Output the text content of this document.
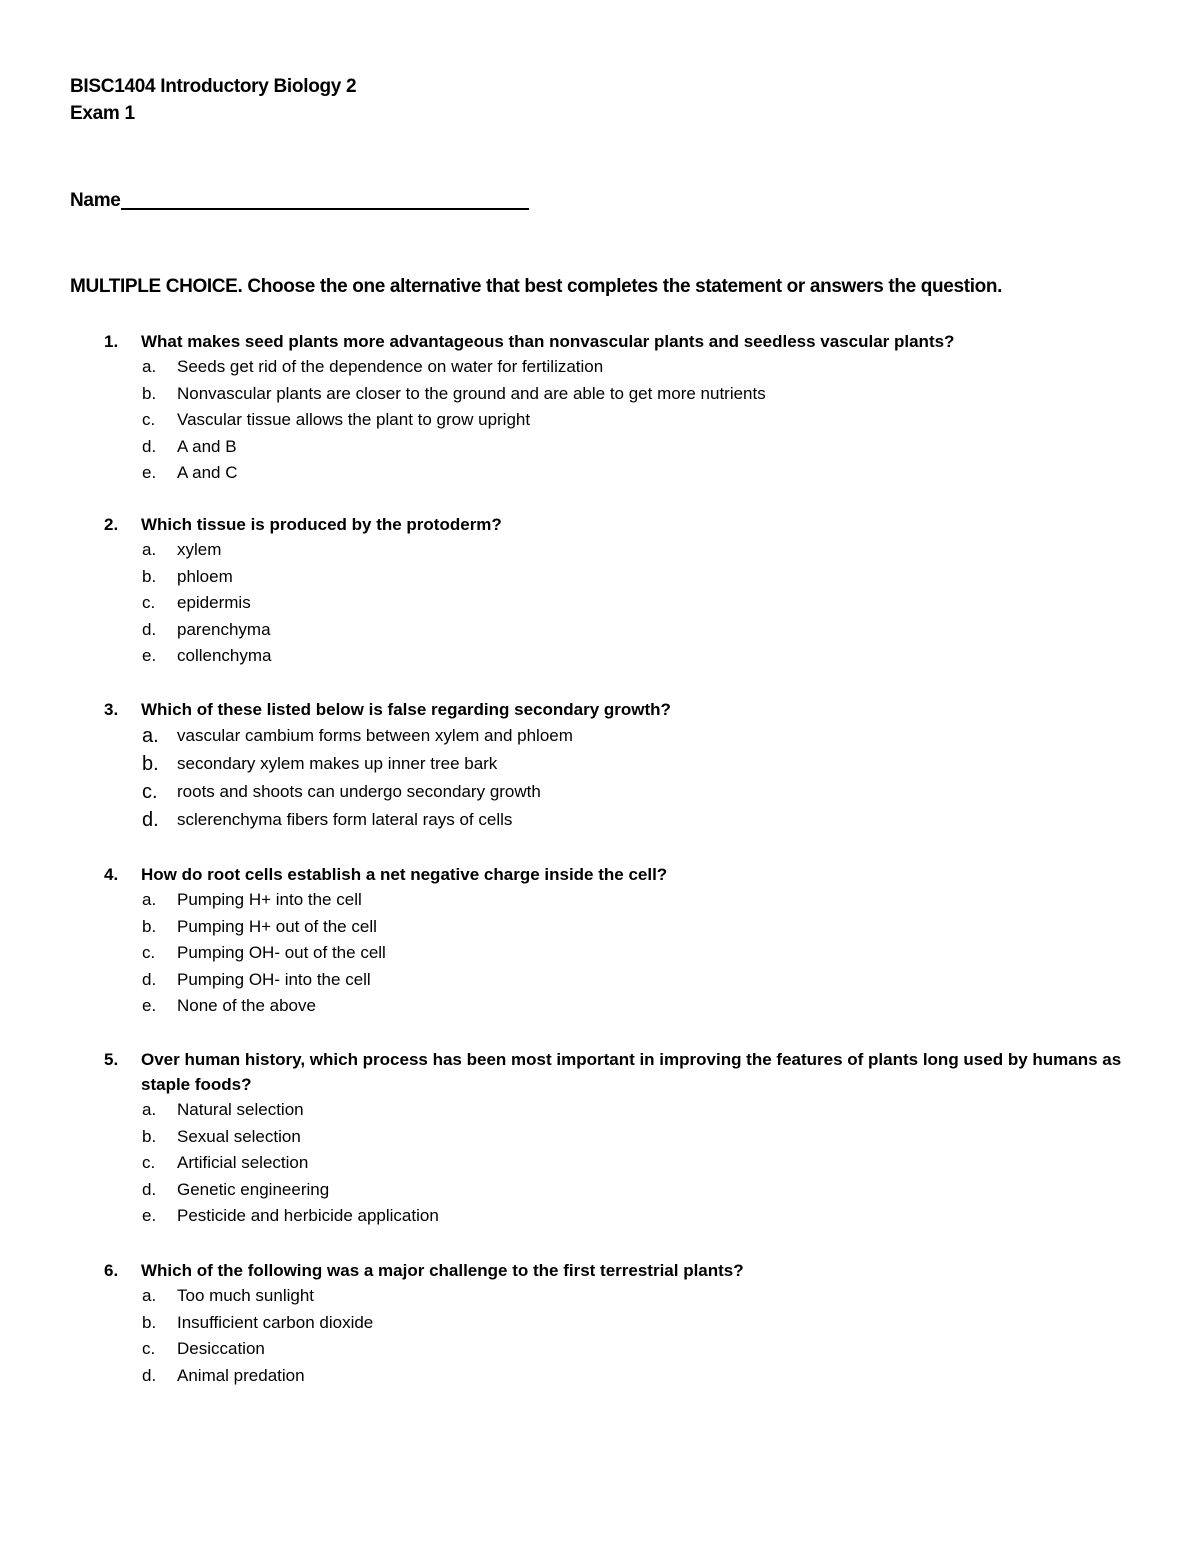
BISC1404 Introductory Biology 2
Exam 1
Name
MULTIPLE CHOICE. Choose the one alternative that best completes the statement or answers the question.
1.	What makes seed plants more advantageous than nonvascular plants and seedless vascular plants?
a.	Seeds get rid of the dependence on water for fertilization
b.	Nonvascular plants are closer to the ground and are able to get more nutrients
c.	Vascular tissue allows the plant to grow upright
d.	A and B
e.	A and C
2.	Which tissue is produced by the protoderm?
a.	xylem
b.	phloem
c.	epidermis
d.	parenchyma
e.	collenchyma
3.	Which of these listed below is false regarding secondary growth?
a.	vascular cambium forms between xylem and phloem
b.	secondary xylem makes up inner tree bark
c.	roots and shoots can undergo secondary growth
d.	sclerenchyma fibers form lateral rays of cells
4.	How do root cells establish a net negative charge inside the cell?
a.	Pumping H+ into the cell
b.	Pumping H+ out of the cell
c.	Pumping OH- out of the cell
d.	Pumping OH- into the cell
e.	None of the above
5.	Over human history, which process has been most important in improving the features of plants long used by humans as staple foods?
a.	Natural selection
b.	Sexual selection
c.	Artificial selection
d.	Genetic engineering
e.	Pesticide and herbicide application
6.	Which of the following was a major challenge to the first terrestrial plants?
a.	Too much sunlight
b.	Insufficient carbon dioxide
c.	Desiccation
d.	Animal predation
